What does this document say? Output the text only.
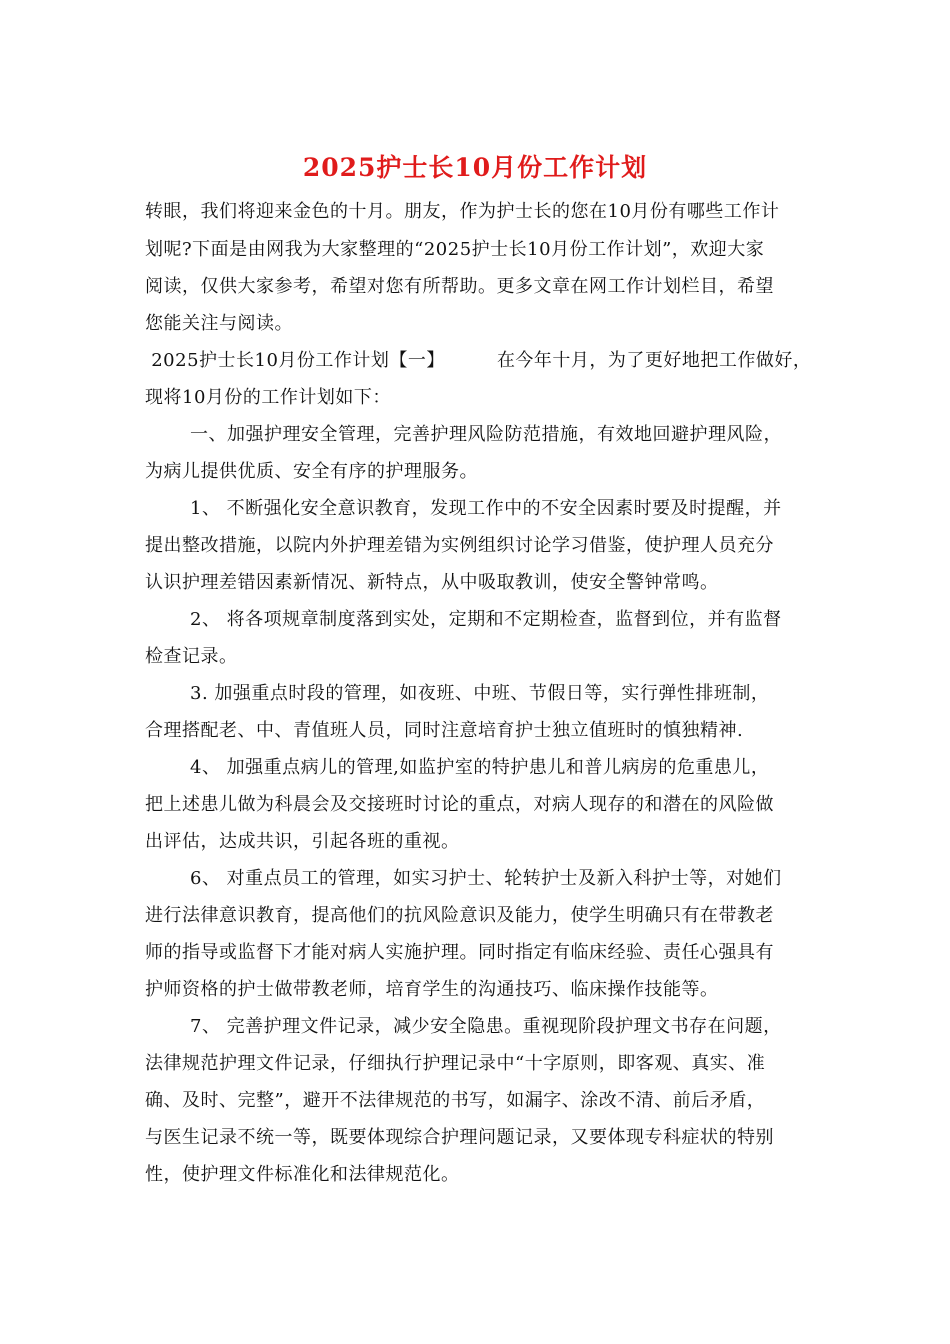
2025护士长10月份工作计划
转眼，我们将迎来金色的十月。朋友，作为护士长的您在10月份有哪些工作计
划呢?下面是由网我为大家整理的“2025护士长10月份工作计划”，欢迎大家
阅读，仅供大家参考，希望对您有所帮助。更多文章在网工作计划栏目，希望
您能关注与阅读。
2025护士长10月份工作计划【一】	在今年十月，为了更好地把工作做好，
现将10月份的工作计划如下：
一、加强护理安全管理，完善护理风险防范措施，有效地回避护理风险，
为病儿提供优质、安全有序的护理服务。
1、 不断强化安全意识教育，发现工作中的不安全因素时要及时提醒，并
提出整改措施，以院内外护理差错为实例组织讨论学习借鉴，使护理人员充分
认识护理差错因素新情况、新特点，从中吸取教训，使安全警钟常鸣。
2、 将各项规章制度落到实处，定期和不定期检查，监督到位，并有监督
检查记录。
3. 加强重点时段的管理，如夜班、中班、节假日等，实行弹性排班制，
合理搭配老、中、青值班人员，同时注意培育护士独立值班时的慎独精神.
4、 加强重点病儿的管理,如监护室的特护患儿和普儿病房的危重患儿，
把上述患儿做为科晨会及交接班时讨论的重点，对病人现存的和潜在的风险做
出评估，达成共识，引起各班的重视。
6、 对重点员工的管理，如实习护士、轮转护士及新入科护士等，对她们
进行法律意识教育，提高他们的抗风险意识及能力，使学生明确只有在带教老
师的指导或监督下才能对病人实施护理。同时指定有临床经验、责任心强具有
护师资格的护士做带教老师，培育学生的沟通技巧、临床操作技能等。
7、 完善护理文件记录，减少安全隐患。重视现阶段护理文书存在问题，
法律规范护理文件记录，仔细执行护理记录中“十字原则，即客观、真实、准
确、及时、完整”，避开不法律规范的书写，如漏字、涂改不清、前后矛盾，
与医生记录不统一等，既要体现综合护理问题记录，又要体现专科症状的特别
性，使护理文件标准化和法律规范化。
